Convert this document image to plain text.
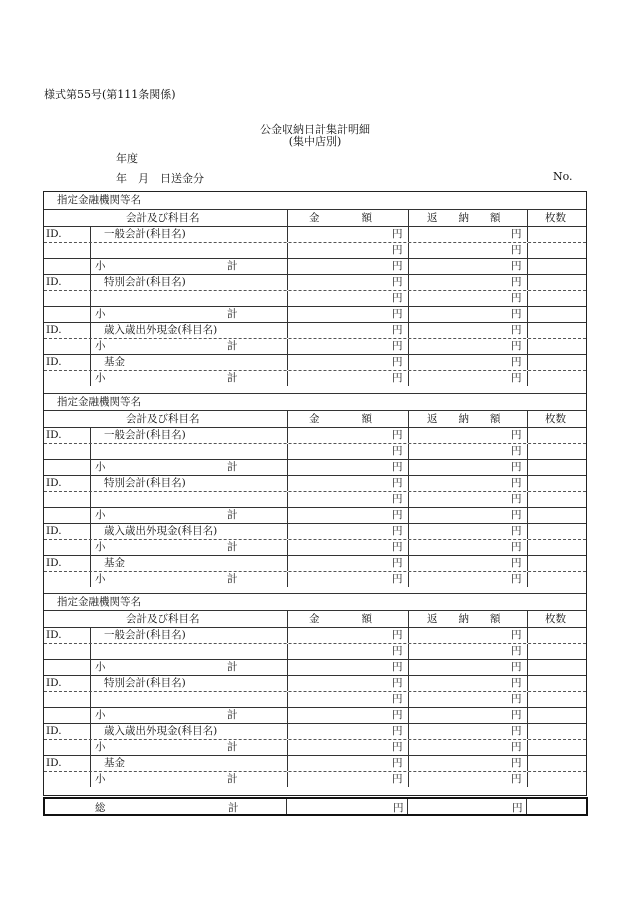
様式第55号(第111条関係)
公金収納日計集計明細
(集中店別)
年度
年　月　日送金分	No.
指定金融機関等名
会計及び科目名	金　　　　額	返　　納　　額	枚数
ID.	一般会計(科目名)	円	円
円	円
小	計	円	円
ID.	特別会計(科目名)	円	円
円	円
小	計	円	円
ID.	歳入歳出外現金(科目名)	円	円
小	計	円	円
ID.	基金	円	円
小	計	円	円
指定金融機関等名
会計及び科目名	金　　　　額	返　　納　　額	枚数
ID.	一般会計(科目名)	円	円
円	円
小	計	円	円
ID.	特別会計(科目名)	円	円
円	円
小	計	円	円
ID.	歳入歳出外現金(科目名)	円	円
小	計	円	円
ID.	基金	円	円
小	計	円	円
指定金融機関等名
会計及び科目名	金　　　　額	返　　納　　額	枚数
ID.	一般会計(科目名)	円	円
円	円
小	計	円	円
ID.	特別会計(科目名)	円	円
円	円
小	計	円	円
ID.	歳入歳出外現金(科目名)	円	円
小	計	円	円
ID.	基金	円	円
小	計	円	円
総	計	円	円
